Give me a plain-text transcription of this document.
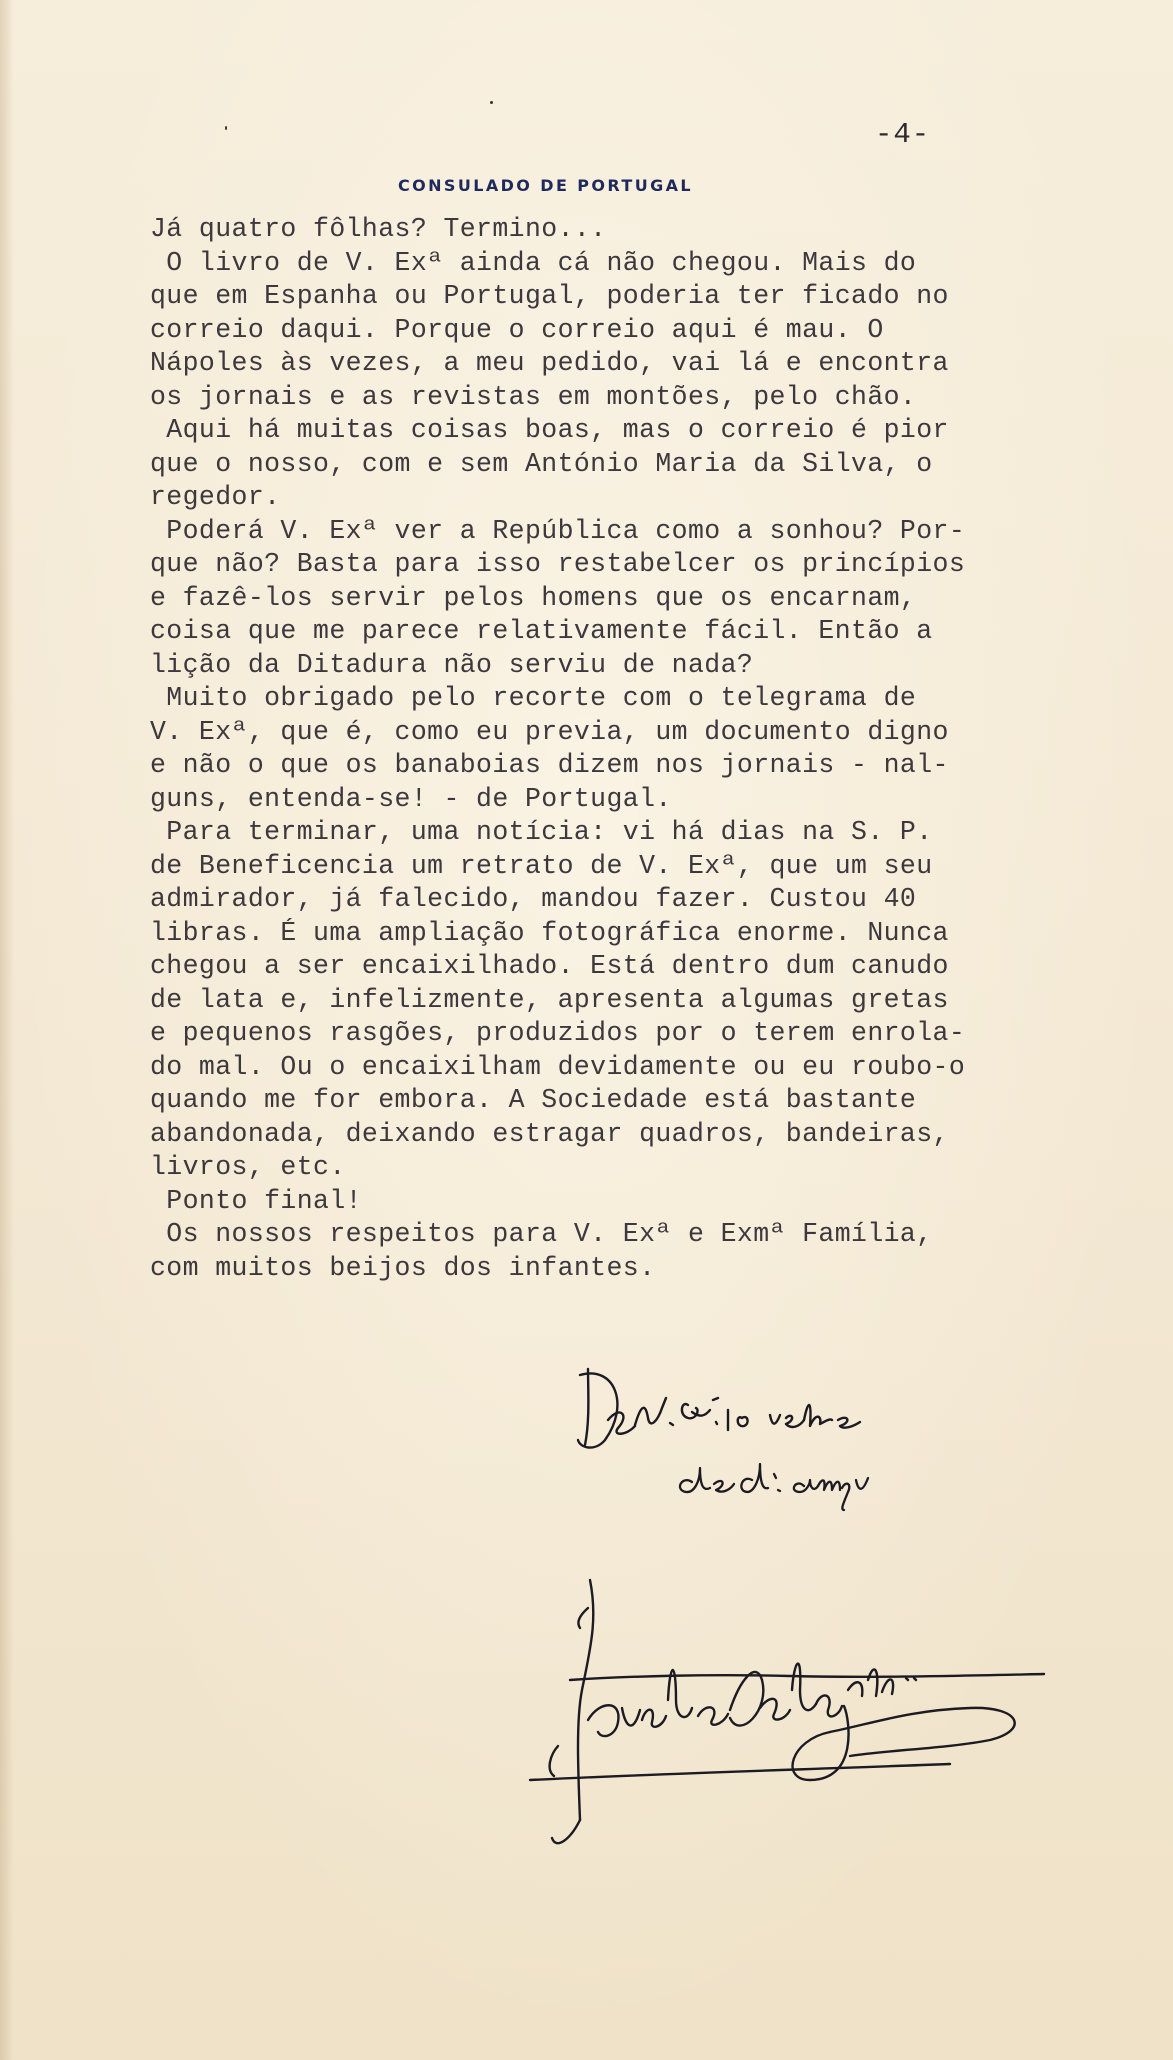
-4-
CONSULADO DE PORTUGAL
Já quatro fôlhas? Termino...
O livro de V. Exª ainda cá não chegou. Mais do
que em Espanha ou Portugal, poderia ter ficado no
correio daqui. Porque o correio aqui é mau. O
Nápoles às vezes, a meu pedido, vai lá e encontra
os jornais e as revistas em montões, pelo chão.
Aqui há muitas coisas boas, mas o correio é pior
que o nosso, com e sem António Maria da Silva, o
regedor.
Poderá V. Exª ver a República como a sonhou? Por-
que não? Basta para isso restabelcer os princípios
e fazê-los servir pelos homens que os encarnam,
coisa que me parece relativamente fácil. Então a
lição da Ditadura não serviu de nada?
Muito obrigado pelo recorte com o telegrama de
V. Exª, que é, como eu previa, um documento digno
e não o que os banaboias dizem nos jornais - nal-
guns, entenda-se! - de Portugal.
Para terminar, uma notícia: vi há dias na S. P.
de Beneficencia um retrato de V. Exª, que um seu
admirador, já falecido, mandou fazer. Custou 40
libras. É uma ampliação fotográfica enorme. Nunca
chegou a ser encaixilhado. Está dentro dum canudo
de lata e, infelizmente, apresenta algumas gretas
e pequenos rasgões, produzidos por o terem enrola-
do mal. Ou o encaixilham devidamente ou eu roubo-o
quando me for embora. A Sociedade está bastante
abandonada, deixando estragar quadros, bandeiras,
livros, etc.
Ponto final!
Os nossos respeitos para V. Exª e Exmª Família,
com muitos beijos dos infantes.
